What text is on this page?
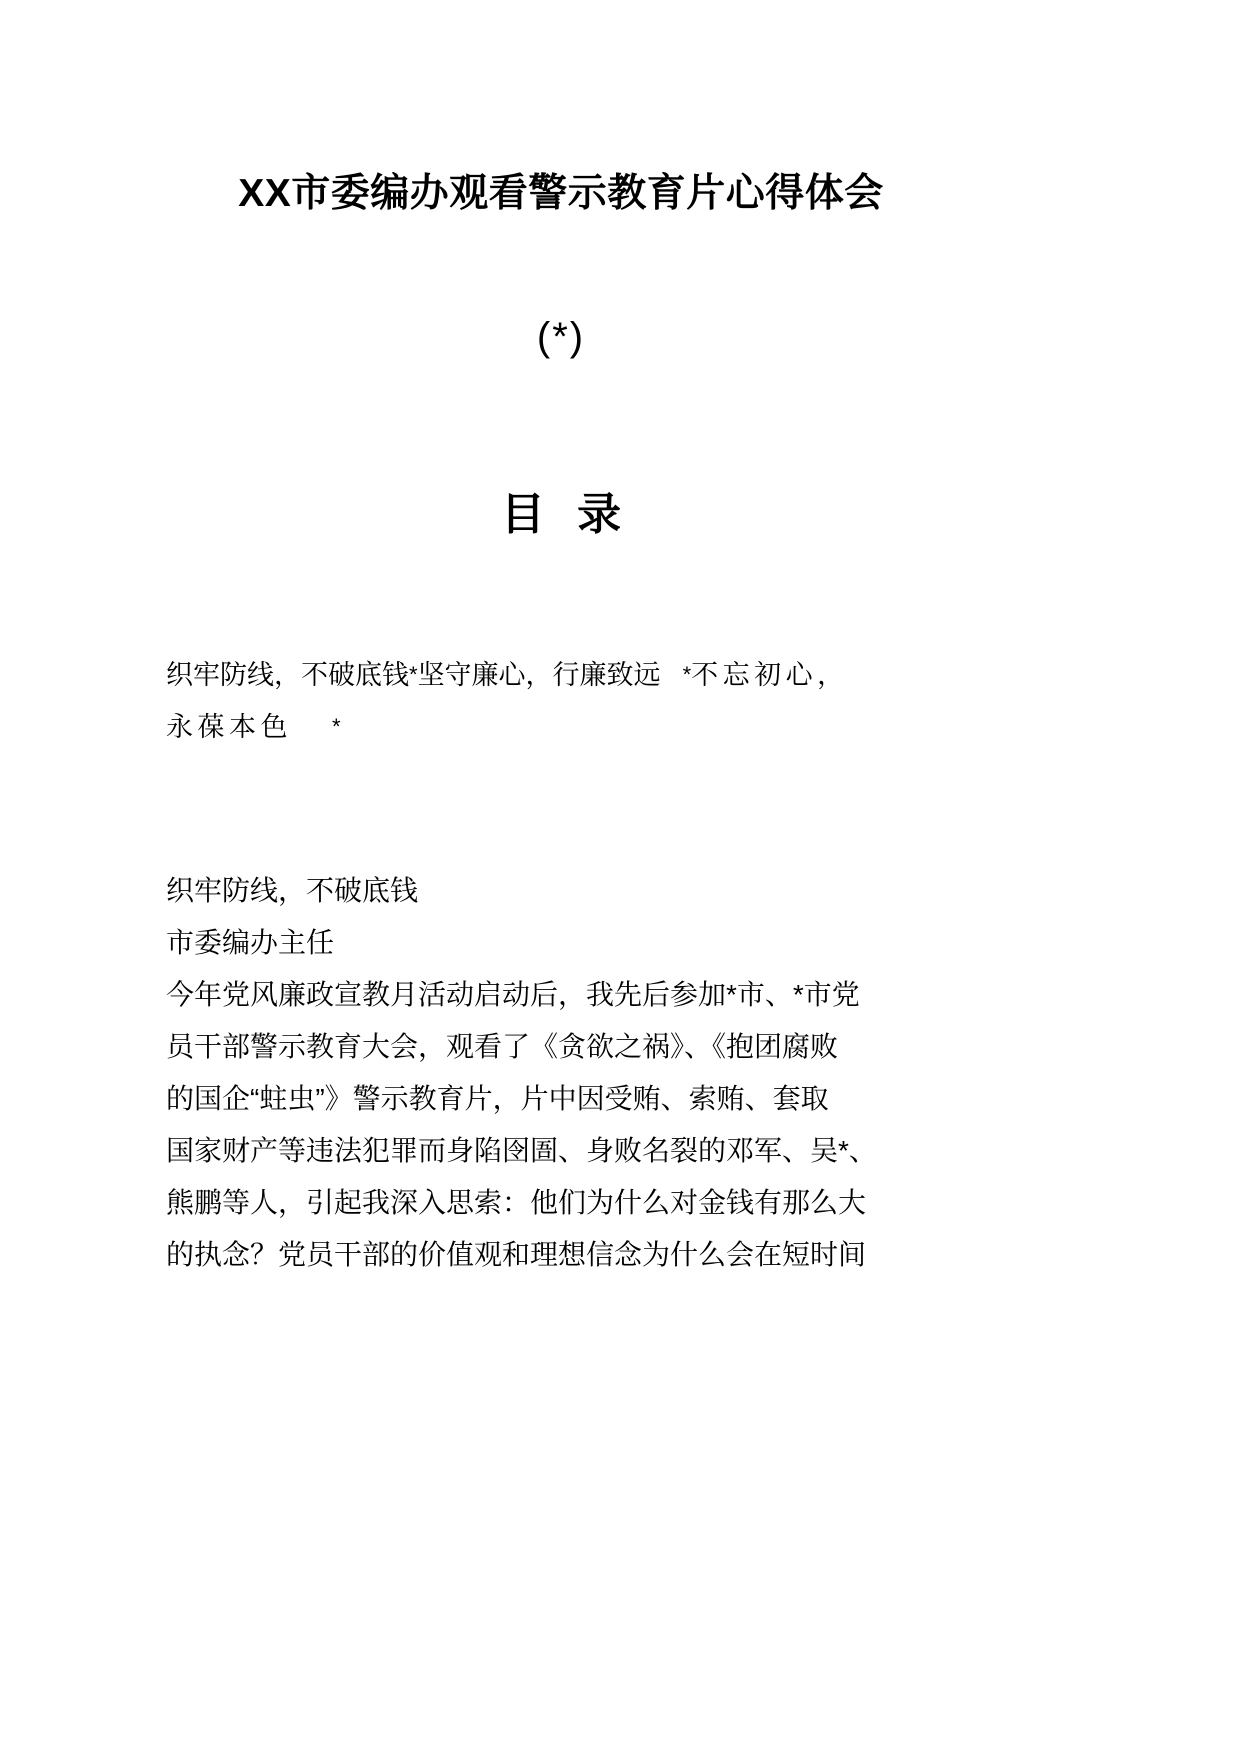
XX市委编办观看警示教育片心得体会
(*)
目 录
织牢防线，不破底钱*坚守廉心，行廉致远 *不忘初心，
永葆本色 *
织牢防线，不破底钱
市委编办主任
今年党风廉政宣教月活动启动后，我先后参加*市、*市党
员干部警示教育大会，观看了《贪欲之祸》、《抱团腐败
的国企“蛀虫”》警示教育片，片中因受贿、索贿、套取
国家财产等违法犯罪而身陷囹圄、身败名裂的邓军、吴*、
熊鹏等人，引起我深入思索：他们为什么对金钱有那么大
的执念？党员干部的价值观和理想信念为什么会在短时间
